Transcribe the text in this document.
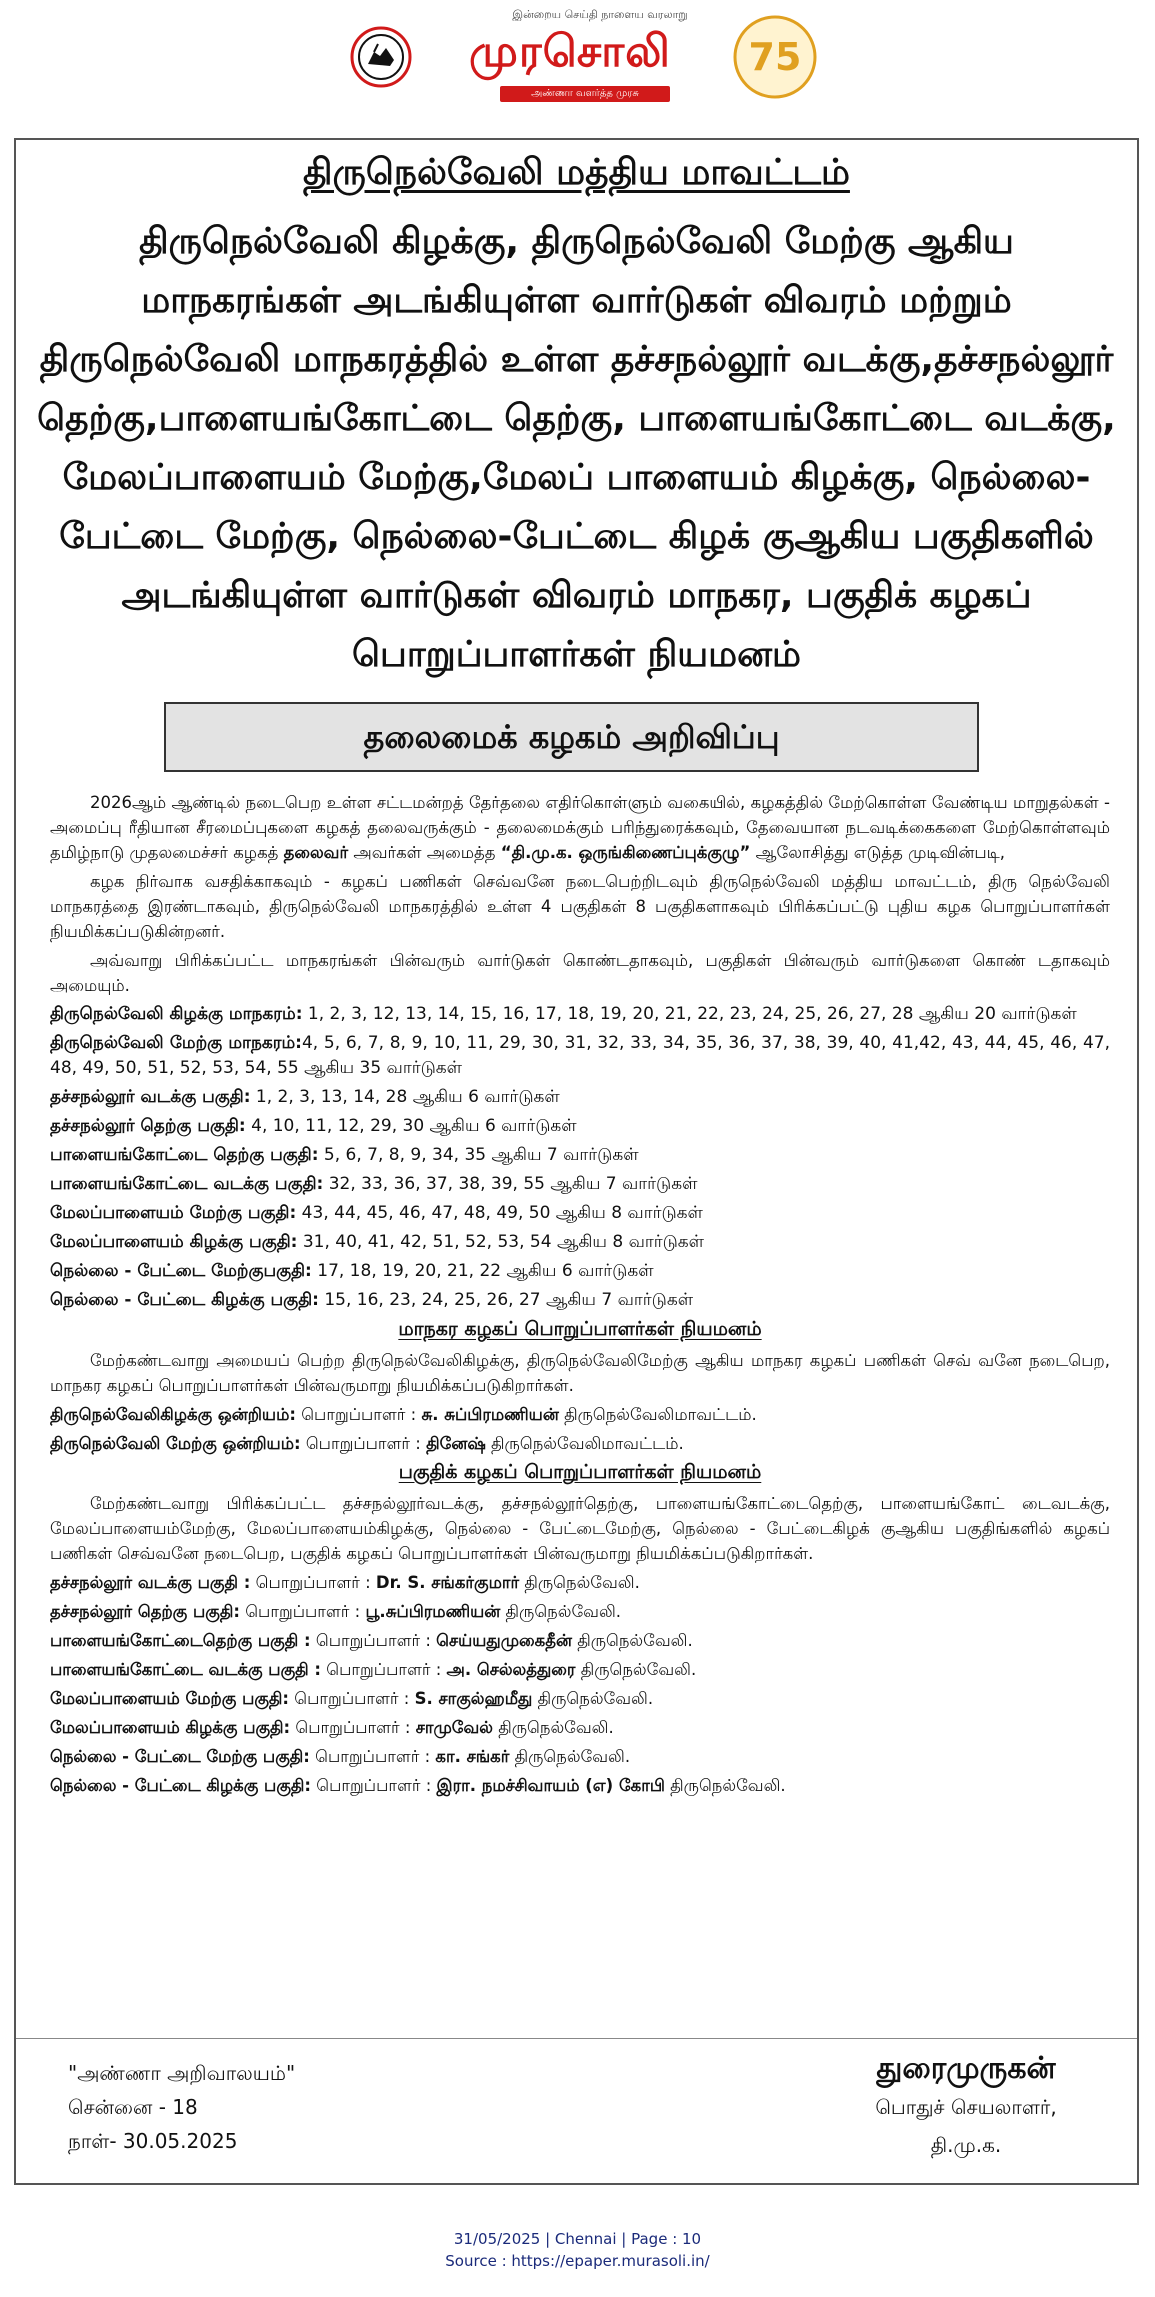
இன்றைய செய்தி நாளைய வரலாறு
முரசொலி
அண்ணா வளர்த்த முரசு
75
திருநெல்வேலி மத்திய மாவட்டம்
திருநெல்வேலி கிழக்கு, திருநெல்வேலி மேற்கு ஆகிய மாநகரங்கள் அடங்கியுள்ள வார்டுகள் விவரம் மற்றும் திருநெல்வேலி மாநகரத்தில் உள்ள தச்சநல்லூர் வடக்கு,தச்சநல்லூர் தெற்கு,பாளையங்கோட்டை தெற்கு, பாளையங்கோட்டை வடக்கு, மேலப்பாளையம் மேற்கு,மேலப் பாளையம் கிழக்கு, நெல்லை-பேட்டை மேற்கு, நெல்லை-பேட்டை கிழக் குஆகிய பகுதிகளில் அடங்கியுள்ள வார்டுகள் விவரம் மாநகர, பகுதிக் கழகப் பொறுப்பாளர்கள் நியமனம்
தலைமைக் கழகம் அறிவிப்பு

2026ஆம் ஆண்டில் நடைபெற உள்ள சட்டமன்றத் தேர்தலை எதிர்கொள்ளும் வகையில், கழகத்தில் மேற்கொள்ள வேண்டிய மாறுதல்கள் - அமைப்பு ரீதியான சீரமைப்புகளை கழகத் தலைவருக்கும் - தலைமைக்கும் பரிந்துரைக்கவும், தேவையான நடவடிக்கைகளை மேற்கொள்ளவும் தமிழ்நாடு முதலமைச்சர் கழகத் தலைவர் அவர்கள் அமைத்த “தி.மு.க. ஒருங்கிணைப்புக்குழு” ஆலோசித்து எடுத்த முடிவின்படி,

கழக நிர்வாக வசதிக்காகவும் - கழகப் பணிகள் செவ்வனே நடைபெற்றிடவும் திருநெல்வேலி மத்திய மாவட்டம், திரு நெல்வேலி மாநகரத்தை இரண்டாகவும், திருநெல்வேலி மாநகரத்தில் உள்ள 4 பகுதிகள் 8 பகுதிகளாகவும் பிரிக்கப்பட்டு புதிய கழக பொறுப்பாளர்கள் நியமிக்கப்படுகின்றனர்.

அவ்வாறு பிரிக்கப்பட்ட மாநகரங்கள் பின்வரும் வார்டுகள் கொண்டதாகவும், பகுதிகள் பின்வரும் வார்டுகளை கொண் டதாகவும் அமையும்.

திருநெல்வேலி கிழக்கு மாநகரம்: 1, 2, 3, 12, 13, 14, 15, 16, 17, 18, 19, 20, 21, 22, 23, 24, 25, 26, 27, 28 ஆகிய 20 வார்டுகள்

திருநெல்வேலி மேற்கு மாநகரம்:4, 5, 6, 7, 8, 9, 10, 11, 29, 30, 31, 32, 33, 34, 35, 36, 37, 38, 39, 40, 41,42, 43, 44, 45, 46, 47, 48, 49, 50, 51, 52, 53, 54, 55 ஆகிய 35 வார்டுகள்

தச்சநல்லூர் வடக்கு பகுதி: 1, 2, 3, 13, 14, 28 ஆகிய 6 வார்டுகள்

தச்சநல்லூர் தெற்கு பகுதி: 4, 10, 11, 12, 29, 30 ஆகிய 6 வார்டுகள்

பாளையங்கோட்டை தெற்கு பகுதி: 5, 6, 7, 8, 9, 34, 35 ஆகிய 7 வார்டுகள்

பாளையங்கோட்டை வடக்கு பகுதி: 32, 33, 36, 37, 38, 39, 55 ஆகிய 7 வார்டுகள்

மேலப்பாளையம் மேற்கு பகுதி: 43, 44, 45, 46, 47, 48, 49, 50 ஆகிய 8 வார்டுகள்

மேலப்பாளையம் கிழக்கு பகுதி: 31, 40, 41, 42, 51, 52, 53, 54 ஆகிய 8 வார்டுகள்

நெல்லை - பேட்டை மேற்குபகுதி: 17, 18, 19, 20, 21, 22 ஆகிய 6 வார்டுகள்

நெல்லை - பேட்டை கிழக்கு பகுதி: 15, 16, 23, 24, 25, 26, 27 ஆகிய 7 வார்டுகள்

மாநகர கழகப் பொறுப்பாளர்கள் நியமனம்

மேற்கண்டவாறு அமையப் பெற்ற திருநெல்வேலிகிழக்கு, திருநெல்வேலிமேற்கு ஆகிய மாநகர கழகப் பணிகள் செவ் வனே நடைபெற, மாநகர கழகப் பொறுப்பாளர்கள் பின்வருமாறு நியமிக்கப்படுகிறார்கள்.

திருநெல்வேலிகிழக்கு ஒன்றியம்: பொறுப்பாளர் : சு. சுப்பிரமணியன் திருநெல்வேலிமாவட்டம்.

திருநெல்வேலி மேற்கு ஒன்றியம்: பொறுப்பாளர் : தினேஷ் திருநெல்வேலிமாவட்டம்.

பகுதிக் கழகப் பொறுப்பாளர்கள் நியமனம்

மேற்கண்டவாறு பிரிக்கப்பட்ட தச்சநல்லூர்வடக்கு, தச்சநல்லூர்தெற்கு, பாளையங்கோட்டைதெற்கு, பாளையங்கோட் டைவடக்கு, மேலப்பாளையம்மேற்கு, மேலப்பாளையம்கிழக்கு, நெல்லை - பேட்டைமேற்கு, நெல்லை - பேட்டைகிழக் குஆகிய பகுதிங்களில் கழகப் பணிகள் செவ்வனே நடைபெற, பகுதிக் கழகப் பொறுப்பாளர்கள் பின்வருமாறு நியமிக்கப்படுகிறார்கள்.

தச்சநல்லூர் வடக்கு பகுதி : பொறுப்பாளர் : Dr. S. சங்கர்குமார் திருநெல்வேலி.

தச்சநல்லூர் தெற்கு பகுதி: பொறுப்பாளர் : பூ.சுப்பிரமணியன் திருநெல்வேலி.

பாளையங்கோட்டைதெற்கு பகுதி : பொறுப்பாளர் : செய்யதுமுகைதீன் திருநெல்வேலி.

பாளையங்கோட்டை வடக்கு பகுதி : பொறுப்பாளர் : அ. செல்லத்துரை திருநெல்வேலி.

மேலப்பாளையம் மேற்கு பகுதி: பொறுப்பாளர் : S. சாகுல்ஹமீது திருநெல்வேலி.

மேலப்பாளையம் கிழக்கு பகுதி: பொறுப்பாளர் : சாமுவேல் திருநெல்வேலி.

நெல்லை - பேட்டை மேற்கு பகுதி: பொறுப்பாளர் : கா. சங்கர் திருநெல்வேலி.

நெல்லை - பேட்டை கிழக்கு பகுதி: பொறுப்பாளர் : இரா. நமச்சிவாயம் (எ) கோபி திருநெல்வேலி.

"அண்ணா அறிவாலயம்"
சென்னை - 18
நாள்- 30.05.2025
துரைமுருகன்
பொதுச் செயலாளர்,
தி.மு.க.
31/05/2025 | Chennai | Page : 10
Source : https://epaper.murasoli.in/
